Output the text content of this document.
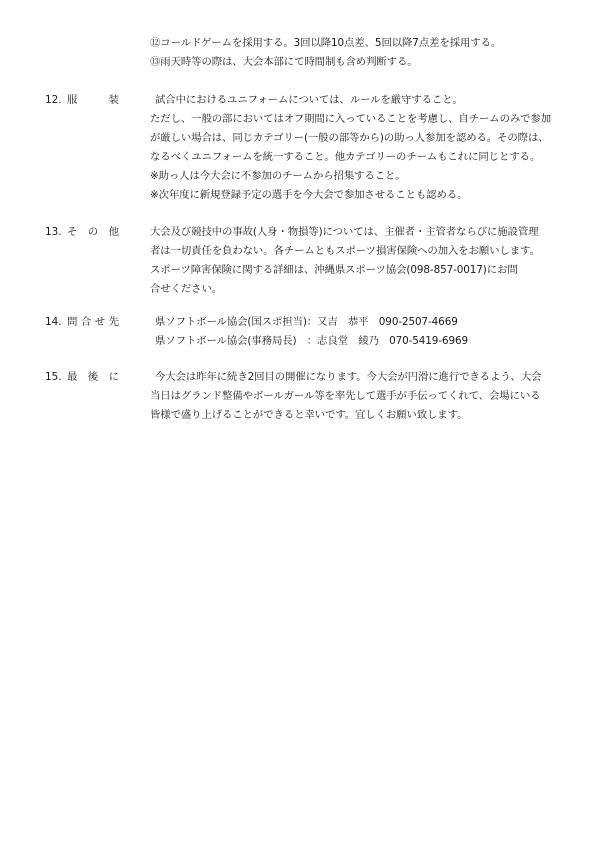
⑫コールドゲームを採用する。3回以降10点差、5回以降7点差を採用する。
⑬雨天時等の際は、大会本部にて時間制も含め判断する。
12. 服	装	試合中におけるユニフォームについては、ルールを厳守すること。
ただし、一般の部においてはオフ期間に入っていることを考慮し、自チームのみで参加
が厳しい場合は、同じカテゴリー(一般の部等から)の助っ人参加を認める。その際は、
なるべくユニフォームを統一すること。他カテゴリーのチームもこれに同じとする。
※助っ人は今大会に不参加のチームから招集すること。
※次年度に新規登録予定の選手を今大会で参加させることも認める。
13. そ の 他	大会及び競技中の事故(人身・物損等)については、主催者・主管者ならびに施設管理
者は一切責任を負わない。各チームともスポーツ損害保険への加入をお願いします。
スポーツ障害保険に関する詳細は、沖縄県スポーツ協会(098-857-0017)にお問
合せください。
14. 問 合 せ 先	県ソフトボール協会(国スポ担当)：又吉　恭平　090-2507-4669
県ソフトボール協会(事務局長)　：志良堂　綾乃　070-5419-6969
15. 最 後 に	今大会は昨年に続き2回目の開催になります。今大会が円滑に進行できるよう、大会
当日はグランド整備やボールガール等を率先して選手が手伝ってくれて、会場にいる
皆様で盛り上げることができると幸いです。宜しくお願い致します。
